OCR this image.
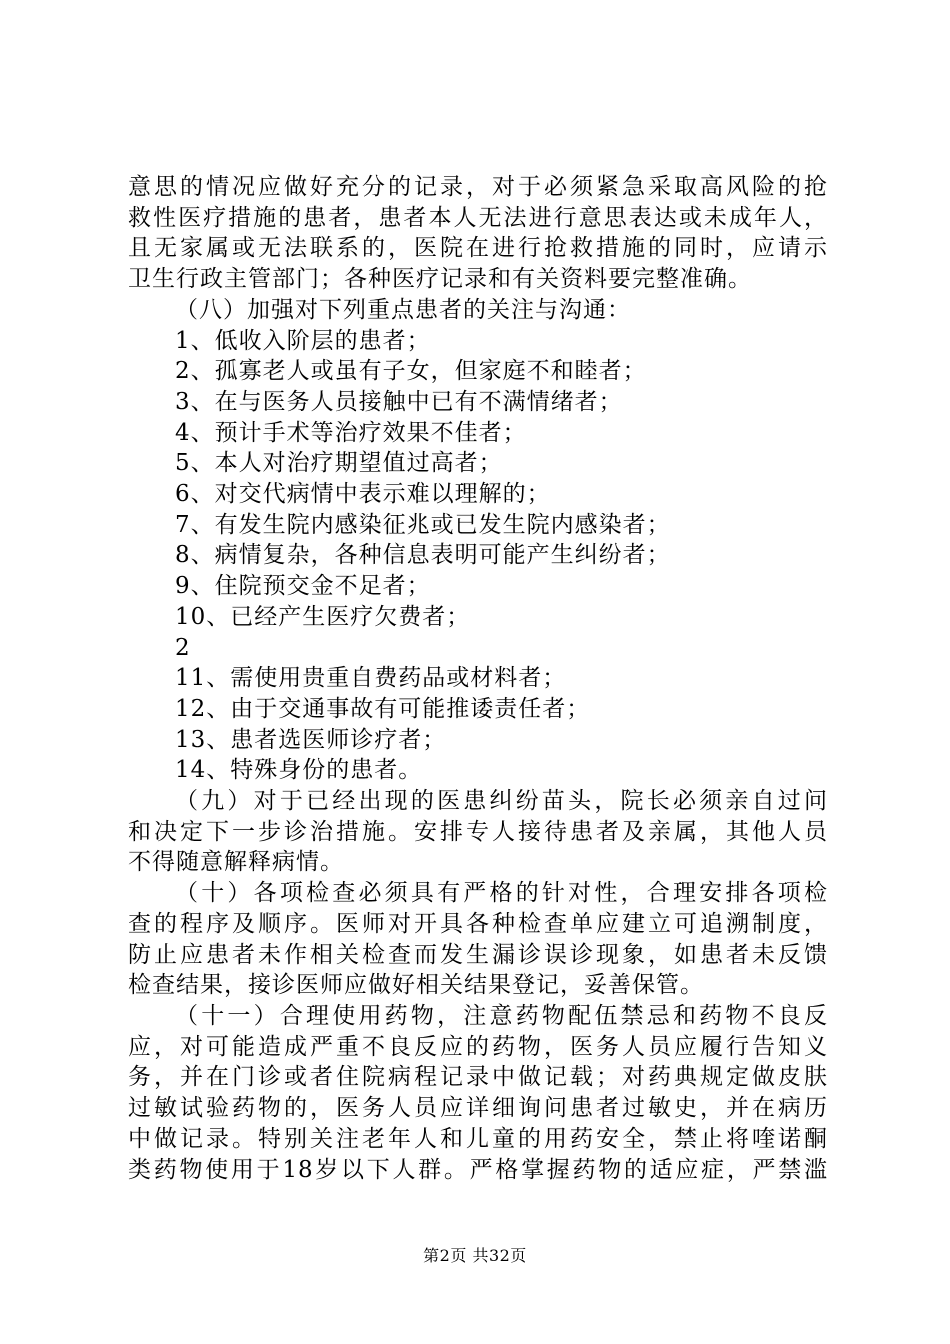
意思的情况应做好充分的记录，对于必须紧急采取高风险的抢
救性医疗措施的患者，患者本人无法进行意思表达或未成年人，
且无家属或无法联系的，医院在进行抢救措施的同时，应请示
卫生行政主管部门；各种医疗记录和有关资料要完整准确。
（八）加强对下列重点患者的关注与沟通：
1、低收入阶层的患者；
2、孤寡老人或虽有子女，但家庭不和睦者；
3、在与医务人员接触中已有不满情绪者；
4、预计手术等治疗效果不佳者；
5、本人对治疗期望值过高者；
6、对交代病情中表示难以理解的；
7、有发生院内感染征兆或已发生院内感染者；
8、病情复杂，各种信息表明可能产生纠纷者；
9、住院预交金不足者；
10、已经产生医疗欠费者；
2
11、需使用贵重自费药品或材料者；
12、由于交通事故有可能推诿责任者；
13、患者选医师诊疗者；
14、特殊身份的患者。
（九）对于已经出现的医患纠纷苗头，院长必须亲自过问
和决定下一步诊治措施。安排专人接待患者及亲属，其他人员
不得随意解释病情。
（十）各项检查必须具有严格的针对性，合理安排各项检
查的程序及顺序。医师对开具各种检查单应建立可追溯制度，
防止应患者未作相关检查而发生漏诊误诊现象，如患者未反馈
检查结果，接诊医师应做好相关结果登记，妥善保管。
（十一）合理使用药物，注意药物配伍禁忌和药物不良反
应，对可能造成严重不良反应的药物，医务人员应履行告知义
务，并在门诊或者住院病程记录中做记载；对药典规定做皮肤
过敏试验药物的，医务人员应详细询问患者过敏史，并在病历
中做记录。特别关注老年人和儿童的用药安全，禁止将喹诺酮
类药物使用于18岁以下人群。严格掌握药物的适应症，严禁滥
第2页 共32页
